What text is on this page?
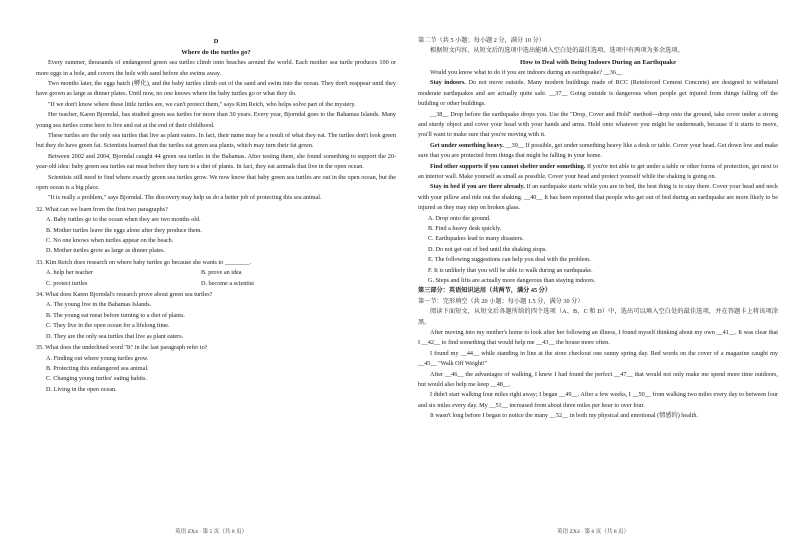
D
Where do the turtles go?
Every summer, thousands of endangered green sea turtles climb onto beaches around the world. Each mother sea turtle produces 100 or more eggs in a hole, and covers the hole with sand before she swims away.
Two months later, the eggs hatch (孵化), and the baby turtles climb out of the sand and swim into the ocean. They don't reappear until they have grown as large as dinner plates. Until now, no one knows where the baby turtles go or what they do.
"If we don't know where these little turtles are, we can't protect them," says Kim Reich, who helps solve part of the mystery.
Her teacher, Karen Bjorndal, has studied green sea turtles for more than 30 years. Every year, Bjorndal goes to the Bahamas Islands. Many young sea turtles come here to live and eat at the end of their childhood.
These turtles are the only sea turtles that live as plant eaters. In fact, their name may be a result of what they eat. The turtles don't look green but they do have green fat. Scientists learned that the turtles eat green sea plants, which may turn their fat green.
Between 2002 and 2004, Bjorndal caught 44 green sea turtles in the Bahamas. After testing them, she found something to support the 20-year-old idea: baby green sea turtles eat meat before they turn to a diet of plants. In fact, they eat animals that live in the open ocean.
Scientists still need to find where exactly green sea turtles grow. We now know that baby green sea turtles are out in the open ocean, but the open ocean is a big place.
"It is really a problem," says Bjorndal. The discovery may help us do a better job of protecting this sea animal.
32. What can we learn from the first two paragraphs?
A. Baby turtles go to the ocean when they are two months old.
B. Mother turtles leave the eggs alone after they produce them.
C. No one knows when turtles appear on the beach.
D. Mother turtles grow as large as dinner plates.
33. Kim Reich does research on where baby turtles go because she wants to ________.
A. help her teacher	B. prove an idea
C. protect turtles	D. become a scientist
34. What does Karen Bjorndal's research prove about green sea turtles?
A. The young live in the Bahamas Islands.
B. The young eat meat before turning to a diet of plants.
C. They live in the open ocean for a lifelong time.
D. They are the only sea turtles that live as plant eaters.
35. What does the underlined word "It" in the last paragraph refer to?
A. Finding out where young turtles grow.
B. Protecting this endangered sea animal.
C. Changing young turtles' eating habits.
D. Living in the open ocean.
英语 ZX4 · 第 5 页（共 8 页）
第二节（共 5 小题；每小题 2 分，满分 10 分）
根据短文内容，从短文后的选项中选出能填入空白处的最佳选项。选项中有两项为多余选项。
How to Deal with Being Indoors During an Earthquake
Would you know what to do if you are indoors during an earthquake? __36__
Stay indoors. Do not move outside. Many modern buildings made of RCC (Reinforced Cement Concrete) are designed to withstand moderate earthquakes and are actually quite safe. __37__ Going outside is dangerous when people get injured from things falling off the building or other buildings.
__38__ Drop before the earthquake drops you. Use the "Drop, Cover and Hold" method—drop onto the ground, take cover under a strong and sturdy object and cover your head with your hands and arms. Hold onto whatever you might be underneath, because if it starts to move, you'll want to make sure that you're moving with it.
Get under something heavy. __39__ If possible, get under something heavy like a desk or table. Cover your head. Get down low and make sure that you are protected from things that might be falling in your home.
Find other supports if you cannot shelter under something. If you're not able to get under a table or other forms of protection, get next to an interior wall. Make yourself as small as possible. Cover your head and protect yourself while the shaking is going on.
Stay in bed if you are there already. If an earthquake starts while you are in bed, the best thing is to stay there. Cover your head and neck with your pillow and ride out the shaking. __40__ It has been reported that people who get out of bed during an earthquake are more likely to be injured as they may step on broken glass.
A. Drop onto the ground.
B. Find a heavy desk quickly.
C. Earthquakes lead to many disasters.
D. Do not get out of bed until the shaking stops.
E. The following suggestions can help you deal with the problem.
F. It is unlikely that you will be able to walk during an earthquake.
G. Steps and lifts are actually more dangerous than staying indoors.
第三部分：英语知识运用（共两节，满分 45 分）
第一节：完形填空（共 20 小题；每小题 1.5 分，满分 30 分）
阅读下面短文，从短文后各题所给的四个选项（A、B、C 和 D）中，选出可以填入空白处的最佳选项，并在答题卡上将该项涂黑。
After moving into my mother's home to look after her following an illness, I found myself thinking about my own __41__. It was clear that I __42__ to find something that would help me __43__ the house more often.
I found my __44__ while standing in line at the store checkout one sunny spring day. Red words on the cover of a magazine caught my __45__ "Walk Off Weight!"
After __46__ the advantages of walking, I knew I had found the perfect __47__ that would not only make me spend more time outdoors, but would also help me keep __48__.
I didn't start walking four miles right away; I began __49__. After a few weeks, I __50__ from walking two miles every day to between four and six miles every day. My __51__ increased from about three miles per hour to over four.
It wasn't long before I began to notice the many __52__ in both my physical and emotional (情感的) health.
英语 ZX4 · 第 6 页（共 8 页）
